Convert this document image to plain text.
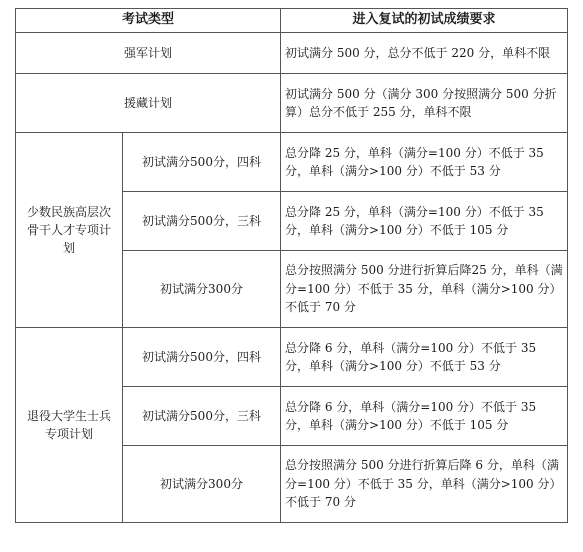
考试类型		进入复试的初试成绩要求
强军计划		初试满分 500 分，总分不低于 220 分，单科不限
援藏计划		初试满分 500 分（满分 300 分按照满分 500 分折算）总分不低于 255 分，单科不限
少数民族高层次骨干人才专项计划	初试满分500分，四科	总分降 25 分，单科（满分=100 分）不低于 35 分，单科（满分>100 分）不低于 53 分
	初试满分500分，三科	总分降 25 分，单科（满分=100 分）不低于 35 分，单科（满分>100 分）不低于 105 分
	初试满分300分	总分按照满分 500 分进行折算后降25 分，单科（满分=100 分）不低于 35 分，单科（满分>100 分）不低于 70 分
退役大学生士兵专项计划	初试满分500分，四科	总分降 6 分，单科（满分=100 分）不低于 35 分，单科（满分>100 分）不低于 53 分
	初试满分500分，三科	总分降 6 分，单科（满分=100 分）不低于 35 分，单科（满分>100 分）不低于 105 分
	初试满分300分	总分按照满分 500 分进行折算后降 6 分，单科（满分=100 分）不低于 35 分，单科（满分>100 分）不低于 70 分
